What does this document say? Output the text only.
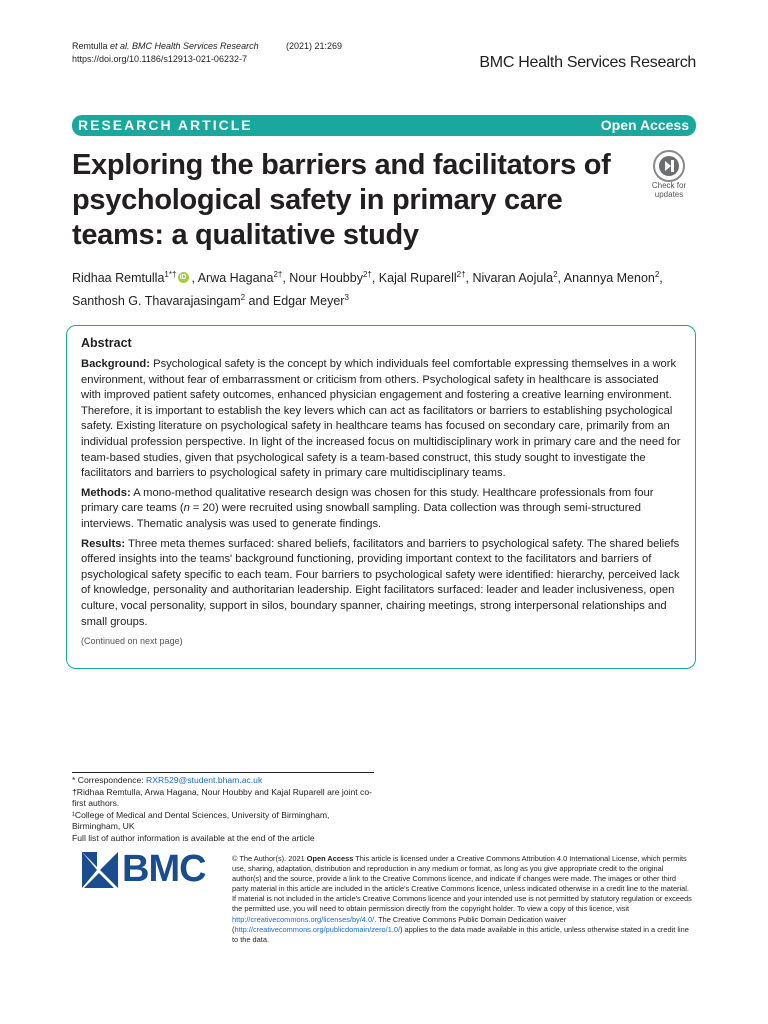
Remtulla et al. BMC Health Services Research	(2021) 21:269
https://doi.org/10.1186/s12913-021-06232-7	BMC Health Services Research
RESEARCH ARTICLE	Open Access
Exploring the barriers and facilitators of psychological safety in primary care teams: a qualitative study
Check for
updates
Ridhaa Remtulla$^{1*\dagger}$iD , Arwa Hagana$^{2\dagger}$, Nour Houbby$^{2\dagger}$, Kajal Ruparell$^{2\dagger}$, Nivaran Aojula$^2$, Anannya Menon$^2$, Santhosh G. Thavarajasingam$^2$ and Edgar Meyer$^3$
Abstract

Background: Psychological safety is the concept by which individuals feel comfortable expressing themselves in a work environment, without fear of embarrassment or criticism from others. Psychological safety in healthcare is associated with improved patient safety outcomes, enhanced physician engagement and fostering a creative learning environment. Therefore, it is important to establish the key levers which can act as facilitators or barriers to establishing psychological safety. Existing literature on psychological safety in healthcare teams has focused on secondary care, primarily from an individual profession perspective. In light of the increased focus on multidisciplinary work in primary care and the need for team-based studies, given that psychological safety is a team-based construct, this study sought to investigate the facilitators and barriers to psychological safety in primary care multidisciplinary teams.

Methods: A mono-method qualitative research design was chosen for this study. Healthcare professionals from four primary care teams (n = 20) were recruited using snowball sampling. Data collection was through semi-structured interviews. Thematic analysis was used to generate findings.

Results: Three meta themes surfaced: shared beliefs, facilitators and barriers to psychological safety. The shared beliefs offered insights into the teams' background functioning, providing important context to the facilitators and barriers of psychological safety specific to each team. Four barriers to psychological safety were identified: hierarchy, perceived lack of knowledge, personality and authoritarian leadership. Eight facilitators surfaced: leader and leader inclusiveness, open culture, vocal personality, support in silos, boundary spanner, chairing meetings, strong interpersonal relationships and small groups.

(Continued on next page)

* Correspondence: RXR529@student.bham.ac.uk
†Ridhaa Remtulla, Arwa Hagana, Nour Houbby and Kajal Ruparell are joint co-first authors.
¹College of Medical and Dental Sciences, University of Birmingham, Birmingham, UK
Full list of author information is available at the end of the article
BMC	© The Author(s). 2021 Open Access This article is licensed under a Creative Commons Attribution 4.0 International License, which permits use, sharing, adaptation, distribution and reproduction in any medium or format, as long as you give appropriate credit to the original author(s) and the source, provide a link to the Creative Commons licence, and indicate if changes were made. The images or other third party material in this article are included in the article's Creative Commons licence, unless indicated otherwise in a credit line to the material. If material is not included in the article's Creative Commons licence and your intended use is not permitted by statutory regulation or exceeds the permitted use, you will need to obtain permission directly from the copyright holder. To view a copy of this licence, visit http://creativecommons.org/licenses/by/4.0/. The Creative Commons Public Domain Dedication waiver (http://creativecommons.org/publicdomain/zero/1.0/) applies to the data made available in this article, unless otherwise stated in a credit line to the data.
